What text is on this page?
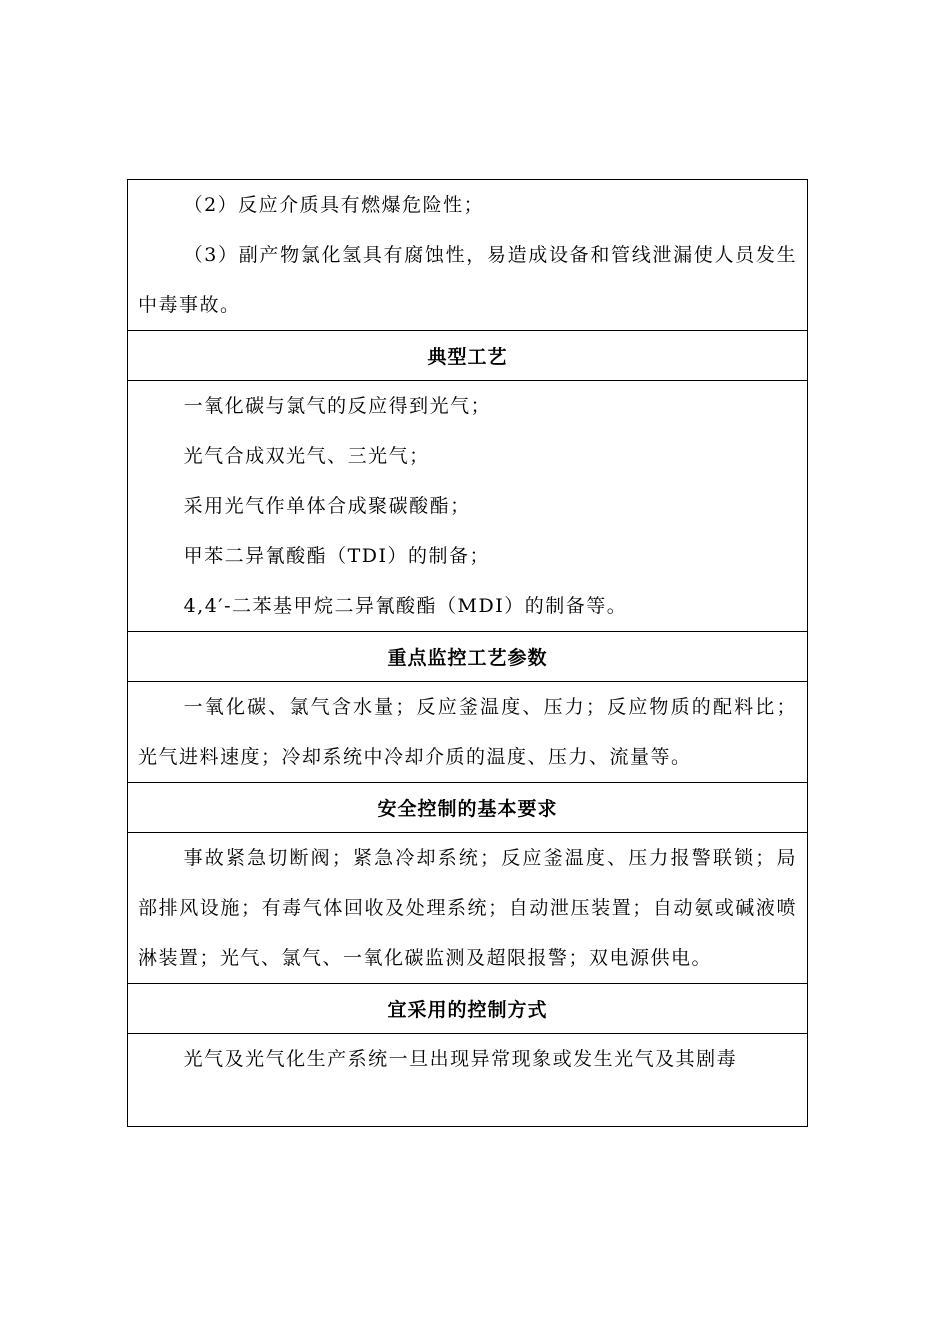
（2）反应介质具有燃爆危险性；

（3）副产物氯化氢具有腐蚀性，易造成设备和管线泄漏使人员发生中毒事故。

典型工艺

一氧化碳与氯气的反应得到光气；

光气合成双光气、三光气；

采用光气作单体合成聚碳酸酯；

甲苯二异氰酸酯（TDI）的制备；

4,4′-二苯基甲烷二异氰酸酯（MDI）的制备等。

重点监控工艺参数

一氧化碳、氯气含水量；反应釜温度、压力；反应物质的配料比；光气进料速度；冷却系统中冷却介质的温度、压力、流量等。

安全控制的基本要求

事故紧急切断阀；紧急冷却系统；反应釜温度、压力报警联锁；局部排风设施；有毒气体回收及处理系统；自动泄压装置；自动氨或碱液喷淋装置；光气、氯气、一氧化碳监测及超限报警；双电源供电。

宜采用的控制方式

光气及光气化生产系统一旦出现异常现象或发生光气及其剧毒
